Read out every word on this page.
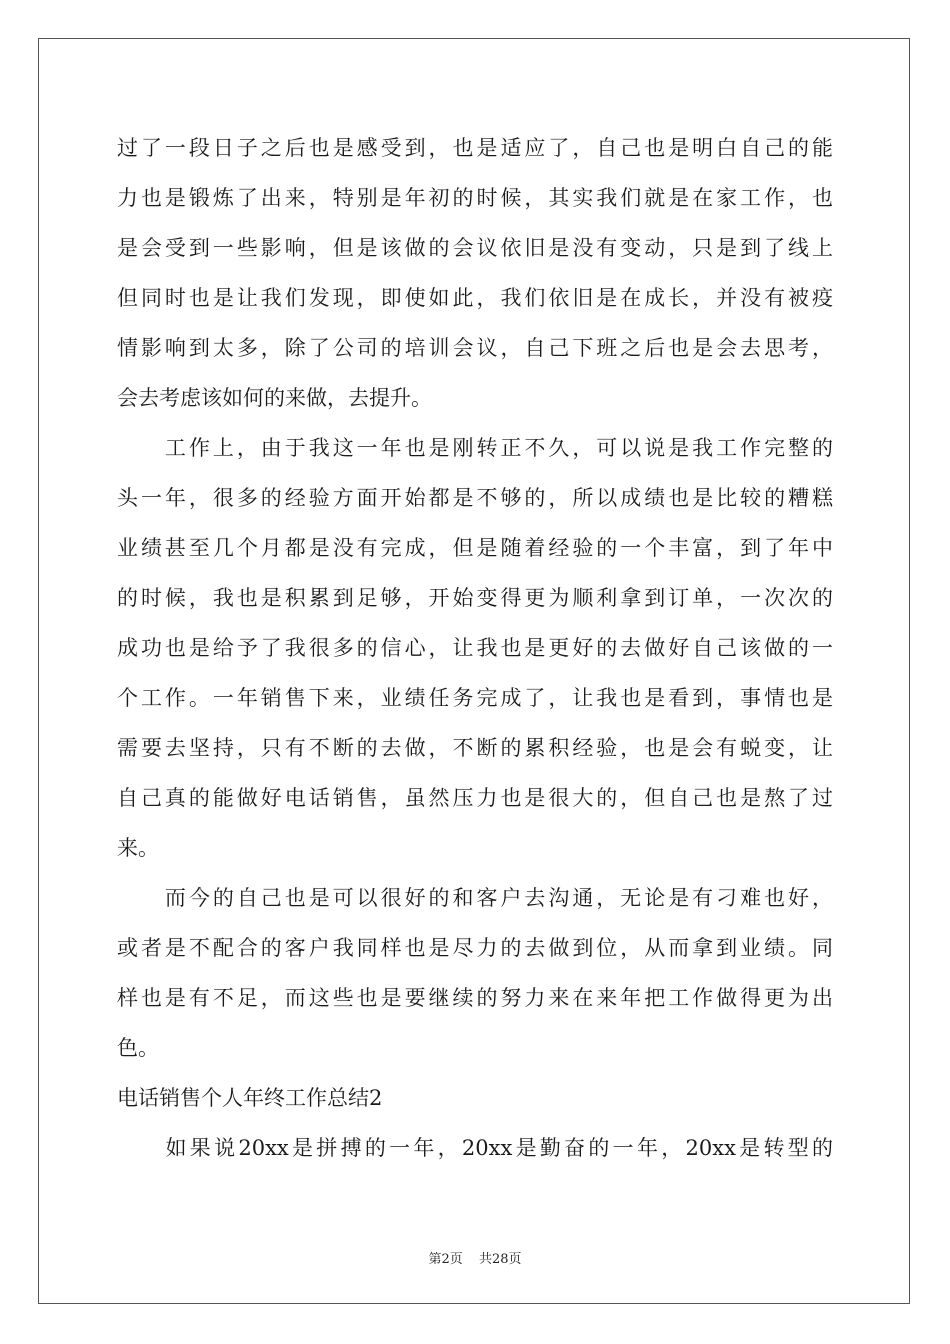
过了一段日子之后也是感受到，也是适应了，自己也是明白自己的能
力也是锻炼了出来，特别是年初的时候，其实我们就是在家工作，也
是会受到一些影响，但是该做的会议依旧是没有变动，只是到了线上
但同时也是让我们发现，即使如此，我们依旧是在成长，并没有被疫
情影响到太多，除了公司的培训会议，自己下班之后也是会去思考，
会去考虑该如何的来做，去提升。
　　工作上，由于我这一年也是刚转正不久，可以说是我工作完整的
头一年，很多的经验方面开始都是不够的，所以成绩也是比较的糟糕
业绩甚至几个月都是没有完成，但是随着经验的一个丰富，到了年中
的时候，我也是积累到足够，开始变得更为顺利拿到订单，一次次的
成功也是给予了我很多的信心，让我也是更好的去做好自己该做的一
个工作。一年销售下来，业绩任务完成了，让我也是看到，事情也是
需要去坚持，只有不断的去做，不断的累积经验，也是会有蜕变，让
自己真的能做好电话销售，虽然压力也是很大的，但自己也是熬了过
来。
　　而今的自己也是可以很好的和客户去沟通，无论是有刁难也好，
或者是不配合的客户我同样也是尽力的去做到位，从而拿到业绩。同
样也是有不足，而这些也是要继续的努力来在来年把工作做得更为出
色。
电话销售个人年终工作总结2
　　如果说20xx是拼搏的一年，20xx是勤奋的一年，20xx是转型的
第2页 共28页
